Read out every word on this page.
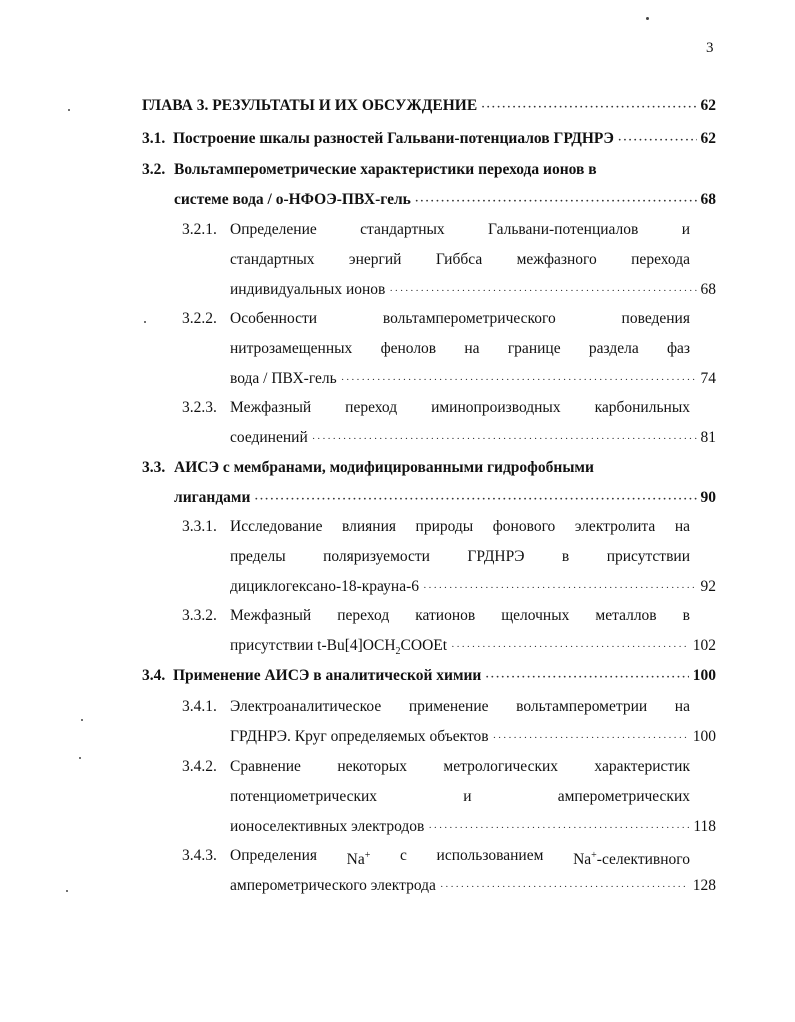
3
ГЛАВА 3. РЕЗУЛЬТАТЫ И ИХ ОБСУЖДЕНИЕ ·····	62
3.1. Построение шкалы разностей Гальвани-потенциалов ГРДНРЭ ·····	62
3.2. Вольтамперометрические характеристики перехода ионов в
системе вода / о-НФОЭ-ПВХ-гель ·····	68
3.2.1. Определение	стандартных	Гальвани-потенциалов	и
стандартных энергий Гиббса межфазного перехода
индивидуальных ионов ·····	68
3.2.2. Особенности	вольтамперометрического	поведения
нитрозамещенных фенолов на границе раздела фаз
вода / ПВХ-гель ·····	74
3.2.3. Межфазный переход иминопроизводных карбонильных
соединений ·····	81
3.3. АИСЭ с мембранами, модифицированными гидрофобными
лигандами ·····	90
3.3.1. Исследование влияния природы фонового электролита на
пределы поляризуемости ГРДНРЭ в присутствии
дициклогексано-18-крауна-6 ·····	92
3.3.2. Межфазный переход катионов щелочных металлов в
присутствии $t-Bu[4]OCH_2COOEt$ ·····	102
3.4. Применение АИСЭ в аналитической химии ·····	100
3.4.1. Электроаналитическое применение вольтамперометрии на
ГРДНРЭ. Круг определяемых объектов ·····	100
3.4.2. Сравнение некоторых метрологических характеристик
потенциометрических	и	амперометрических
ионоселективных электродов ·····	118
3.4.3. Определения Na+ с использованием Na+-селективного
амперометрического электрода ·····	128
